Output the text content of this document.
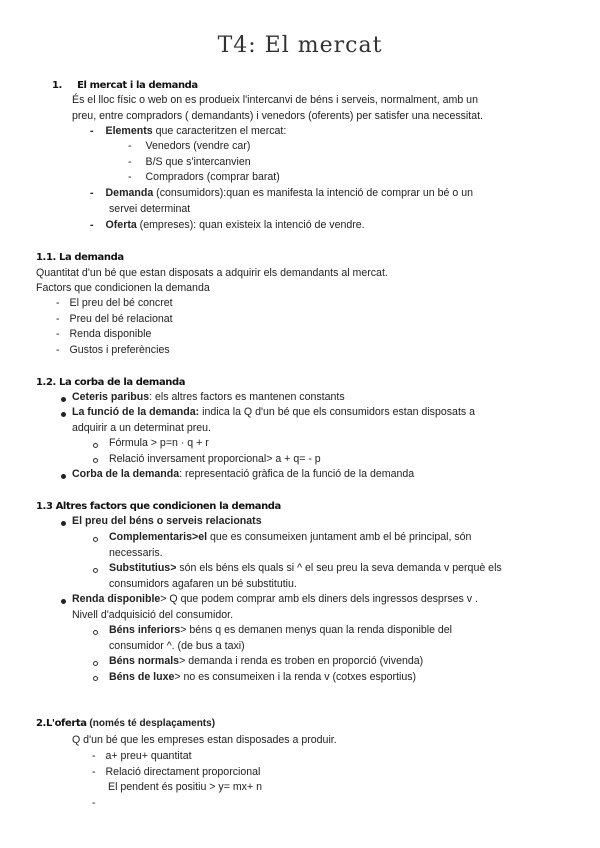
T4: El mercat
1. El mercat i la demanda
És el lloc físic o web on es produeix l'intercanvi de béns i serveis, normalment, amb un
preu, entre compradors ( demandants) i venedors (oferents) per satisfer una necessitat.
- Elements que caracteritzen el mercat:
- Venedors (vendre car)
- B/S que s'intercanvien
- Compradors (comprar barat)
- Demanda (consumidors):quan es manifesta la intenció de comprar un bé o un
servei determinat
- Oferta (empreses): quan existeix la intenció de vendre.
1.1. La demanda
Quantitat d'un bé que estan disposats a adquirir els demandants al mercat.
Factors que condicionen la demanda
- El preu del bé concret
- Preu del bé relacionat
- Renda disponible
- Gustos i preferències
1.2. La corba de la demanda
Ceteris paribus: els altres factors es mantenen constants
La funció de la demanda: indica la Q d'un bé que els consumidors estan disposats a
adquirir a un determinat preu.
Fórmula > p=n · q + r
Relació inversament proporcional> a + q= - p
Corba de la demanda: representació gràfica de la funció de la demanda
1.3 Altres factors que condicionen la demanda
El preu del béns o serveis relacionats
Complementaris>el que es consumeixen juntament amb el bé principal, són
necessaris.
Substitutius> són els béns els quals si ^ el seu preu la seva demanda v perquè els
consumidors agafaren un bé substitutiu.
Renda disponible> Q que podem comprar amb els diners dels ingressos desprses v .
Nivell d'adquisició del consumidor.
Béns inferiors> béns q es demanen menys quan la renda disponible del
consumidor ^. (de bus a taxi)
Béns normals> demanda i renda es troben en proporció (vivenda)
Béns de luxe> no es consumeixen i la renda v (cotxes esportius)
2.L'oferta (només té desplaçaments)
Q d'un bé que les empreses estan disposades a produir.
- a+ preu+ quantitat
- Relació directament proporcional
El pendent és positiu > y= mx+ n
-
